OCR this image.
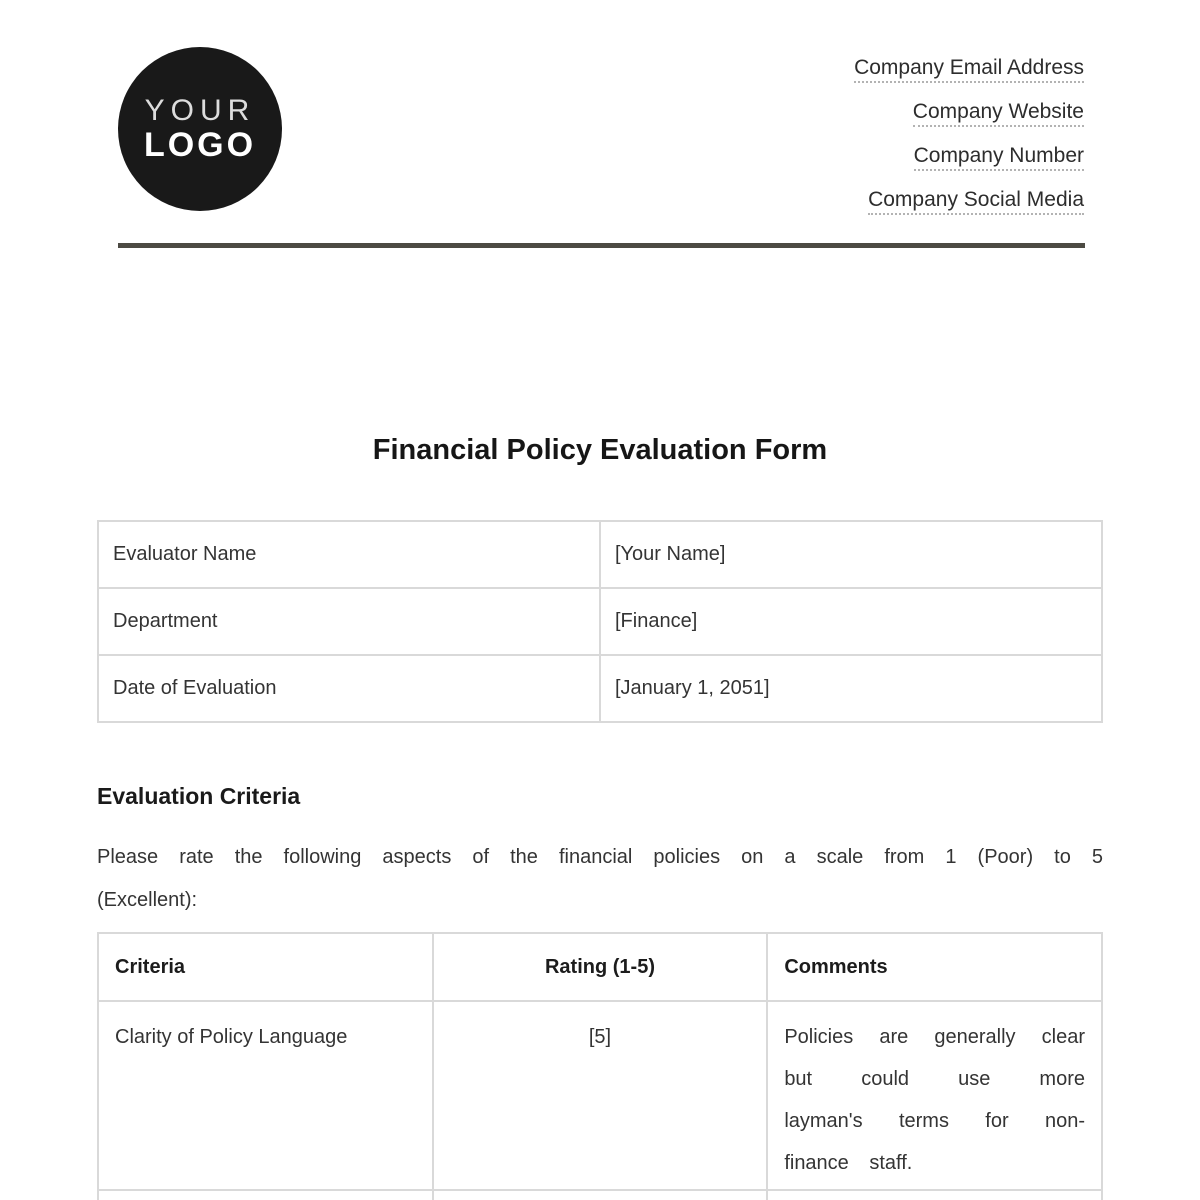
YOUR
LOGO
Company Email Address
Company Website
Company Number
Company Social Media
Financial Policy Evaluation Form
Evaluator Name	[Your Name]
Department	[Finance]
Date of Evaluation	[January 1, 2051]
Evaluation Criteria
Please rate the following aspects of the financial policies on a scale from 1 (Poor) to 5 (Excellent):
Criteria	Rating (1-5)	Comments
Clarity of Policy Language	[5]	Policies are generally clear but could use more layman's terms for non-finance staff.
